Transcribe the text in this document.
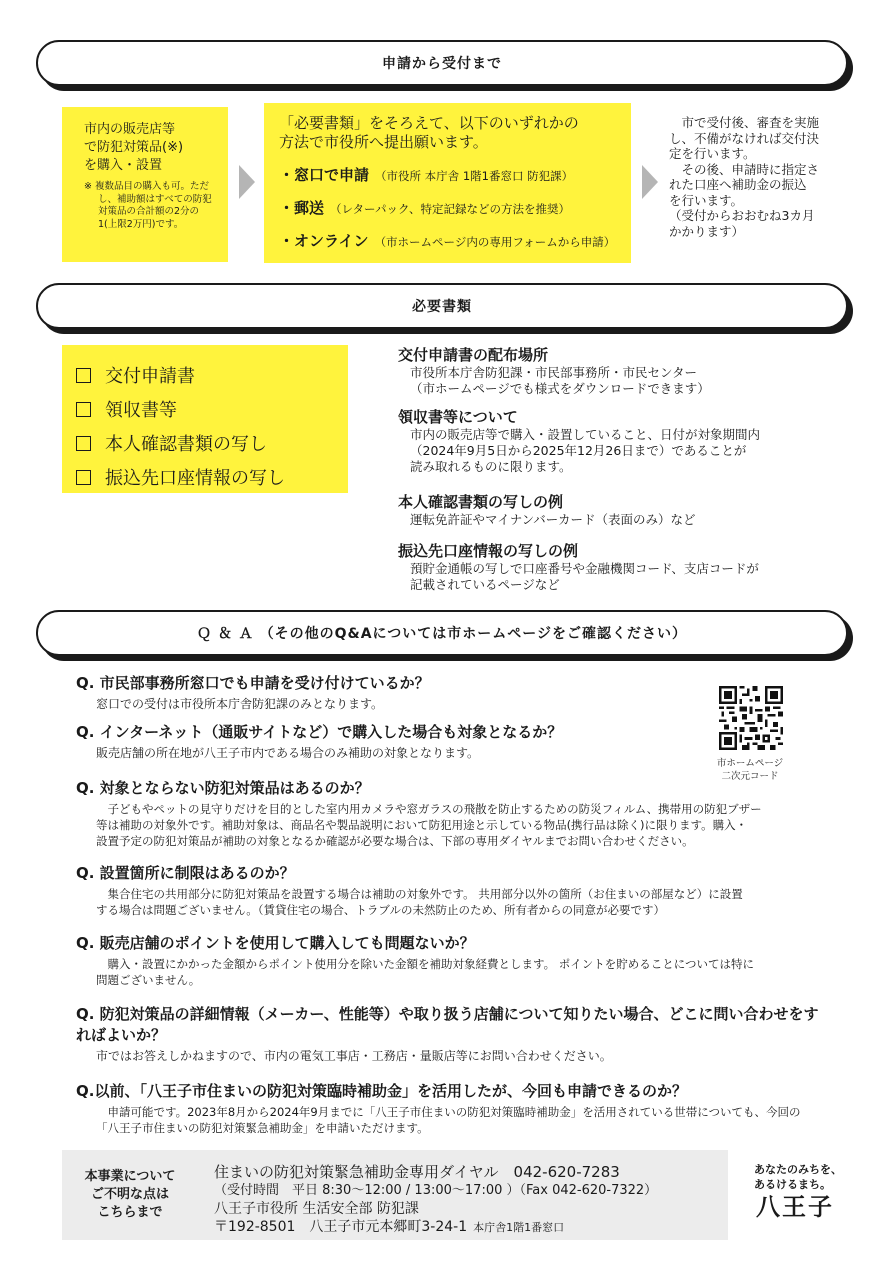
申請から受付まで
市内の販売店等
で防犯対策品(※)
を購入・設置
※ 複数品目の購入も可。ただし、補助額はすべての防犯対策品の合計額の2分の1(上限2万円)です。
「必要書類」をそろえて、以下のいずれかの
方法で市役所へ提出願います。
・窓口で申請 （市役所 本庁舎 1階1番窓口 防犯課）
・郵送 （レターパック、特定記録などの方法を推奨）
・オンライン （市ホームページ内の専用フォームから申請）
　市で受付後、審査を実施
し、不備がなければ交付決
定を行います。
　その後、申請時に指定さ
れた口座へ補助金の振込
を行います。
（受付からおおむね3カ月
かかります）
必要書類
交付申請書
領収書等
本人確認書類の写し
振込先口座情報の写し
交付申請書の配布場所
市役所本庁舎防犯課・市民部事務所・市民センター
（市ホームページでも様式をダウンロードできます）
領収書等について
市内の販売店等で購入・設置していること、日付が対象期間内
（2024年9月5日から2025年12月26日まで）であることが
読み取れるものに限ります。
本人確認書類の写しの例
運転免許証やマイナンバーカード（表面のみ）など
振込先口座情報の写しの例
預貯金通帳の写しで口座番号や金融機関コード、支店コードが
記載されているページなど
Ｑ ＆ Ａ （その他のQ&Aについては市ホームページをご確認ください）
Q. 市民部事務所窓口でも申請を受け付けているか？
窓口での受付は市役所本庁舎防犯課のみとなります。
Q. インターネット（通販サイトなど）で購入した場合も対象となるか？
販売店舗の所在地が八王子市内である場合のみ補助の対象となります。
Q. 対象とならない防犯対策品はあるのか？
　子どもやペットの見守りだけを目的とした室内用カメラや窓ガラスの飛散を防止するための防災フィルム、携帯用の防犯ブザー
等は補助の対象外です。補助対象は、商品名や製品説明において防犯用途と示している物品(携行品は除く)に限ります。購入・
設置予定の防犯対策品が補助の対象となるか確認が必要な場合は、下部の専用ダイヤルまでお問い合わせください。
Q. 設置箇所に制限はあるのか？
　集合住宅の共用部分に防犯対策品を設置する場合は補助の対象外です。 共用部分以外の箇所（お住まいの部屋など）に設置
する場合は問題ございません。（賃貸住宅の場合、トラブルの未然防止のため、所有者からの同意が必要です）
Q. 販売店舗のポイントを使用して購入しても問題ないか？
　購入・設置にかかった金額からポイント使用分を除いた金額を補助対象経費とします。 ポイントを貯めることについては特に
問題ございません。
Q. 防犯対策品の詳細情報（メーカー、性能等）や取り扱う店舗について知りたい場合、どこに問い合わせをすればよいか？
市ではお答えしかねますので、市内の電気工事店・工務店・量販店等にお問い合わせください。
Q.以前、「八王子市住まいの防犯対策臨時補助金」を活用したが、今回も申請できるのか？
　申請可能です。2023年8月から2024年9月までに「八王子市住まいの防犯対策臨時補助金」を活用されている世帯についても、今回の「八王子市住まいの防犯対策緊急補助金」を申請いただけます。
市ホームページ
二次元コード
本事業について
ご不明な点は
こちらまで
住まいの防犯対策緊急補助金専用ダイヤル　042-620-7283
（受付時間　平日 8:30～12:00 / 13:00～17:00 ）（Fax 042-620-7322）
八王子市役所 生活安全部 防犯課
〒192-8501　八王子市元本郷町3-24-1 本庁舎1階1番窓口
あなたのみちを、
あるけるまち。
八王子
